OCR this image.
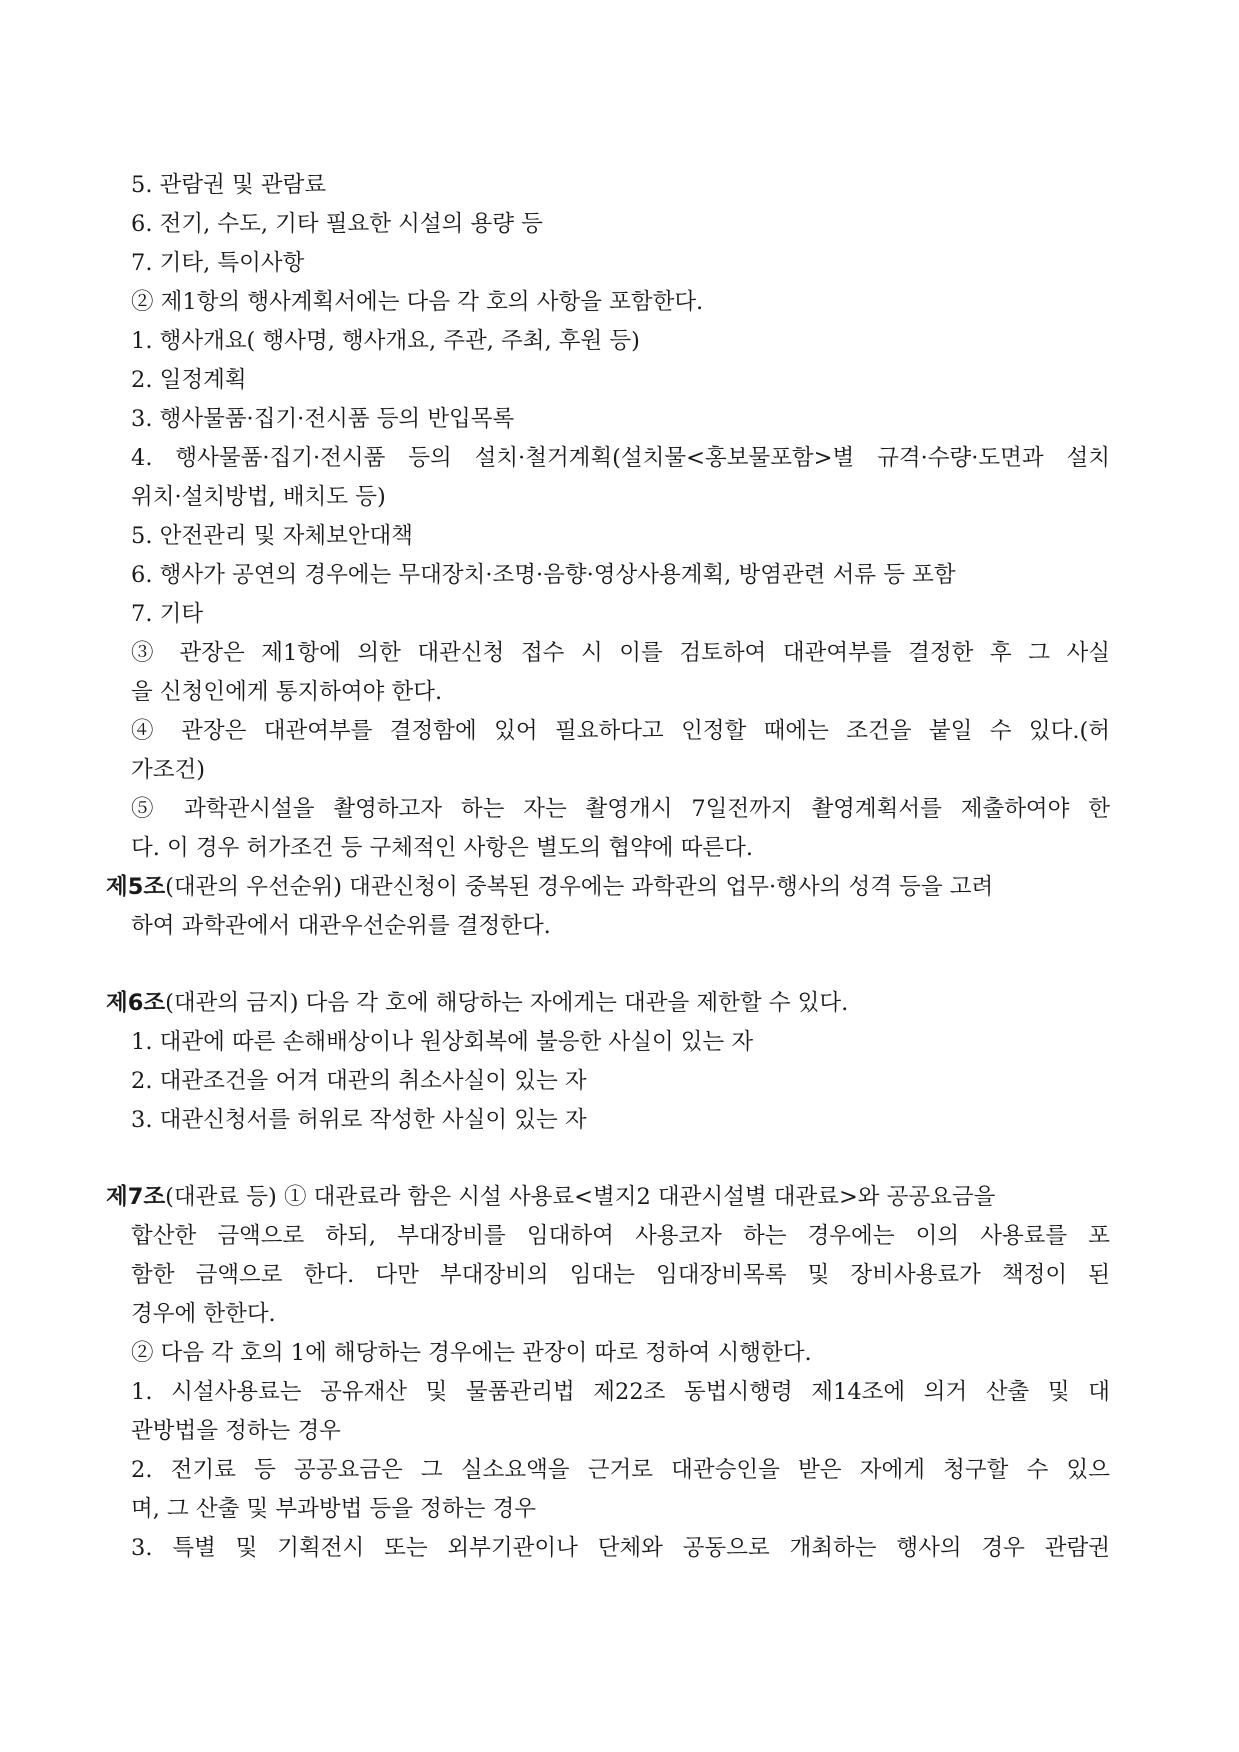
5. 관람권 및 관람료
6. 전기, 수도, 기타 필요한 시설의 용량 등
7. 기타, 특이사항
② 제1항의 행사계획서에는 다음 각 호의 사항을 포함한다.
1. 행사개요( 행사명, 행사개요, 주관, 주최, 후원 등)
2. 일정계획
3. 행사물품·집기·전시품 등의 반입목록
4. 행사물품·집기·전시품 등의 설치·철거계획(설치물<홍보물포함>별 규격·수량·도면과 설치
위치·설치방법, 배치도 등)
5. 안전관리 및 자체보안대책
6. 행사가 공연의 경우에는 무대장치·조명·음향·영상사용계획, 방염관련 서류 등 포함
7. 기타
③ 관장은 제1항에 의한 대관신청 접수 시 이를 검토하여 대관여부를 결정한 후 그 사실
을 신청인에게 통지하여야 한다.
④ 관장은 대관여부를 결정함에 있어 필요하다고 인정할 때에는 조건을 붙일 수 있다.(허
가조건)
⑤ 과학관시설을 촬영하고자 하는 자는 촬영개시 7일전까지 촬영계획서를 제출하여야 한
다. 이 경우 허가조건 등 구체적인 사항은 별도의 협약에 따른다.
제5조(대관의 우선순위) 대관신청이 중복된 경우에는 과학관의 업무·행사의 성격 등을 고려
하여 과학관에서 대관우선순위를 결정한다.
제6조(대관의 금지) 다음 각 호에 해당하는 자에게는 대관을 제한할 수 있다.
1. 대관에 따른 손해배상이나 원상회복에 불응한 사실이 있는 자
2. 대관조건을 어겨 대관의 취소사실이 있는 자
3. 대관신청서를 허위로 작성한 사실이 있는 자
제7조(대관료 등) ① 대관료라 함은 시설 사용료<별지2 대관시설별 대관료>와 공공요금을
합산한 금액으로 하되, 부대장비를 임대하여 사용코자 하는 경우에는 이의 사용료를 포
함한 금액으로 한다. 다만 부대장비의 임대는 임대장비목록 및 장비사용료가 책정이 된
경우에 한한다.
② 다음 각 호의 1에 해당하는 경우에는 관장이 따로 정하여 시행한다.
1. 시설사용료는 공유재산 및 물품관리법 제22조 동법시행령 제14조에 의거 산출 및 대
관방법을 정하는 경우
2. 전기료 등 공공요금은 그 실소요액을 근거로 대관승인을 받은 자에게 청구할 수 있으
며, 그 산출 및 부과방법 등을 정하는 경우
3. 특별 및 기획전시 또는 외부기관이나 단체와 공동으로 개최하는 행사의 경우 관람권
